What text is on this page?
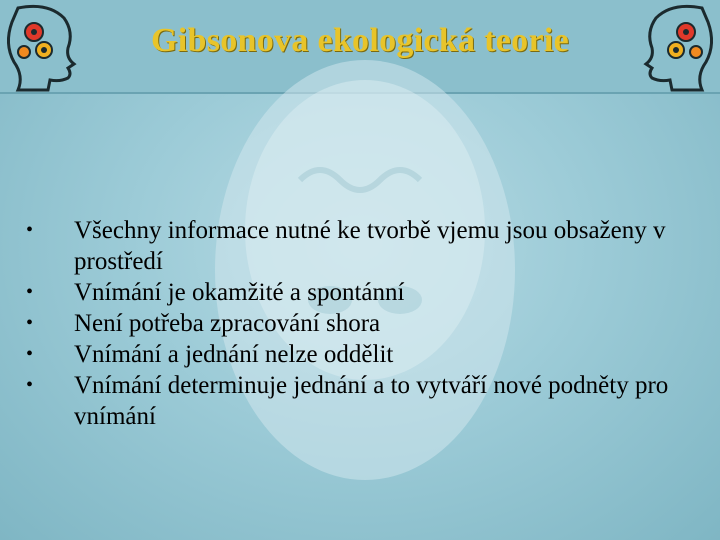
Gibsonova ekologická teorie
•	Všechny informace nutné ke tvorbě vjemu jsou obsaženy v prostředí
•	Vnímání je okamžité a spontánní
•	Není potřeba zpracování shora
•	Vnímání a jednání nelze oddělit
•	Vnímání determinuje jednání a to vytváří nové podněty pro vnímání
